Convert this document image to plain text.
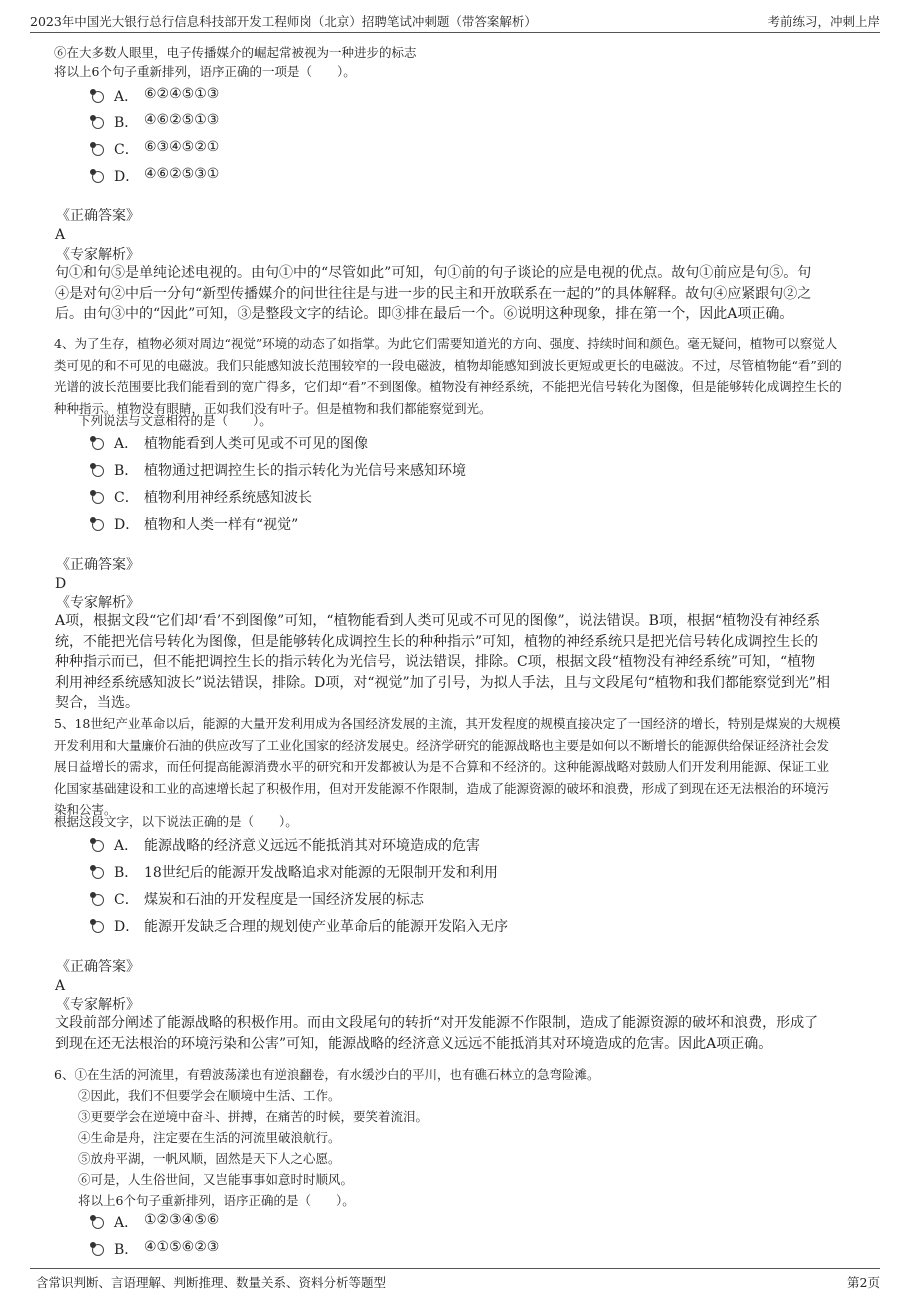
2023年中国光大银行总行信息科技部开发工程师岗（北京）招聘笔试冲刺题（带答案解析）	考前练习，冲刺上岸
⑥在大多数人眼里，电子传播媒介的崛起常被视为一种进步的标志
将以上6个句子重新排列，语序正确的一项是（　　）。
A． ⑥②④⑤①③
B． ④⑥②⑤①③
C． ⑥③④⑤②①
D． ④⑥②⑤③①
《正确答案》
A
《专家解析》
句①和句⑤是单纯论述电视的。由句①中的“尽管如此”可知，句①前的句子谈论的应是电视的优点。故句①前应是句⑤。句
④是对句②中后一分句“新型传播媒介的问世往往是与进一步的民主和开放联系在一起的”的具体解释。故句④应紧跟句②之
后。由句③中的“因此”可知，③是整段文字的结论。即③排在最后一个。⑥说明这种现象，排在第一个，因此A项正确。
4、为了生存，植物必须对周边“视觉”环境的动态了如指掌。为此它们需要知道光的方向、强度、持续时间和颜色。毫无疑问，植物可以察觉人
类可见的和不可见的电磁波。我们只能感知波长范围较窄的一段电磁波，植物却能感知到波长更短或更长的电磁波。不过，尽管植物能“看”到的
光谱的波长范围要比我们能看到的宽广得多，它们却“看”不到图像。植物没有神经系统，不能把光信号转化为图像，但是能够转化成调控生长的
种种指示。植物没有眼睛，正如我们没有叶子。但是植物和我们都能察觉到光。
下列说法与文意相符的是（　　）。
A． 植物能看到人类可见或不可见的图像
B． 植物通过把调控生长的指示转化为光信号来感知环境
C． 植物利用神经系统感知波长
D． 植物和人类一样有“视觉”
《正确答案》
D
《专家解析》
A项，根据文段“它们却‘看’不到图像”可知，“植物能看到人类可见或不可见的图像”，说法错误。B项，根据“植物没有神经系
统，不能把光信号转化为图像，但是能够转化成调控生长的种种指示”可知，植物的神经系统只是把光信号转化成调控生长的
种种指示而已，但不能把调控生长的指示转化为光信号，说法错误，排除。C项，根据文段“植物没有神经系统”可知，“植物
利用神经系统感知波长”说法错误，排除。D项，对“视觉”加了引号，为拟人手法，且与文段尾句“植物和我们都能察觉到光”相
契合，当选。
5、18世纪产业革命以后，能源的大量开发利用成为各国经济发展的主流，其开发程度的规模直接决定了一国经济的增长，特别是煤炭的大规模
开发利用和大量廉价石油的供应改写了工业化国家的经济发展史。经济学研究的能源战略也主要是如何以不断增长的能源供给保证经济社会发
展日益增长的需求，而任何提高能源消费水平的研究和开发都被认为是不合算和不经济的。这种能源战略对鼓励人们开发利用能源、保证工业
化国家基础建设和工业的高速增长起了积极作用，但对开发能源不作限制，造成了能源资源的破坏和浪费，形成了到现在还无法根治的环境污
染和公害。
根据这段文字，以下说法正确的是（　　）。
A． 能源战略的经济意义远远不能抵消其对环境造成的危害
B． 18世纪后的能源开发战略追求对能源的无限制开发和利用
C． 煤炭和石油的开发程度是一国经济发展的标志
D． 能源开发缺乏合理的规划使产业革命后的能源开发陷入无序
《正确答案》
A
《专家解析》
文段前部分阐述了能源战略的积极作用。而由文段尾句的转折“对开发能源不作限制，造成了能源资源的破坏和浪费，形成了
到现在还无法根治的环境污染和公害”可知，能源战略的经济意义远远不能抵消其对环境造成的危害。因此A项正确。
6、①在生活的河流里，有碧波荡漾也有逆浪翻卷，有水缓沙白的平川，也有礁石林立的急弯险滩。
②因此，我们不但要学会在顺境中生活、工作。
③更要学会在逆境中奋斗、拼搏，在痛苦的时候，要笑着流泪。
④生命是舟，注定要在生活的河流里破浪航行。
⑤放舟平湖，一帆风顺，固然是天下人之心愿。
⑥可是，人生俗世间，又岂能事事如意时时顺风。
将以上6个句子重新排列，语序正确的是（　　）。
A． ①②③④⑤⑥
B． ④①⑤⑥②③
含常识判断、言语理解、判断推理、数量关系、资料分析等题型	第2页
